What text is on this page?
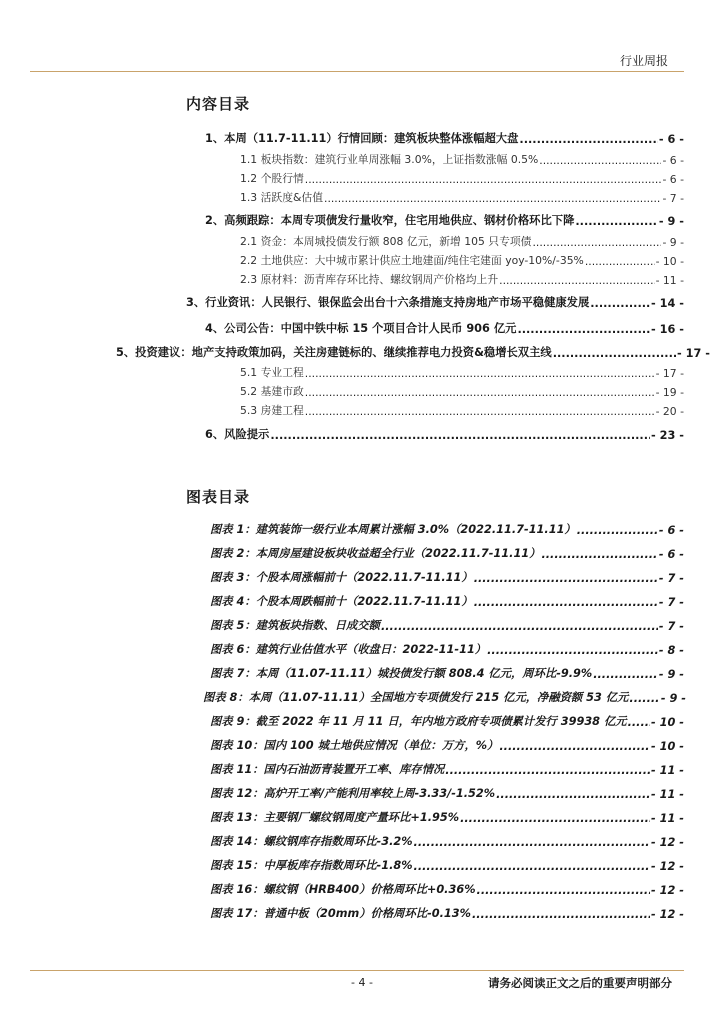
行业周报
内容目录
1、本周（11.7-11.11）行情回顾：建筑板块整体涨幅超大盘 .....	- 6 -
1.1 板块指数：建筑行业单周涨幅 3.0%，上证指数涨幅 0.5% .....	- 6 -
1.2 个股行情 .....	- 6 -
1.3 活跃度&估值 .....	- 7 -
2、高频跟踪：本周专项债发行量收窄，住宅用地供应、钢材价格环比下降 .....	- 9 -
2.1 资金：本周城投债发行额 808 亿元，新增 105 只专项债 .....	- 9 -
2.2 土地供应：大中城市累计供应土地建面/纯住宅建面 yoy-10%/-35% .....	- 10 -
2.3 原材料：沥青库存环比持、螺纹钢周产价格均上升 .....	- 11 -
3、行业资讯：人民银行、银保监会出台十六条措施支持房地产市场平稳健康发展 .....	- 14 -
4、公司公告：中国中铁中标 15 个项目合计人民币 906 亿元 .....	- 16 -
5、投资建议：地产支持政策加码，关注房建链标的、继续推荐电力投资&稳增长双主线 .....	- 17 -
5.1 专业工程 .....	- 17 -
5.2 基建市政 .....	- 19 -
5.3 房建工程 .....	- 20 -
6、风险提示 .....	- 23 -
图表目录
图表 1：建筑装饰一级行业本周累计涨幅 3.0%（2022.11.7-11.11） .....	- 6 -
图表 2：本周房屋建设板块收益超全行业（2022.11.7-11.11） .....	- 6 -
图表 3：个股本周涨幅前十（2022.11.7-11.11） .....	- 7 -
图表 4：个股本周跌幅前十（2022.11.7-11.11） .....	- 7 -
图表 5：建筑板块指数、日成交额 .....	- 7 -
图表 6：建筑行业估值水平（收盘日：2022-11-11） .....	- 8 -
图表 7：本周（11.07-11.11）城投债发行额 808.4 亿元，周环比-9.9% .....	- 9 -
图表 8：本周（11.07-11.11）全国地方专项债发行 215 亿元，净融资额 53 亿元 .....	- 9 -
图表 9：截至 2022 年 11 月 11 日，年内地方政府专项债累计发行 39938 亿元 ..... - 10 -
图表 10：国内 100 城土地供应情况（单位：万方，%） .....	- 10 -
图表 11：国内石油沥青装置开工率、库存情况 .....	- 11 -
图表 12：高炉开工率/产能利用率较上周-3.33/-1.52% .....	- 11 -
图表 13：主要钢厂螺纹钢周度产量环比+1.95% .....	- 11 -
图表 14：螺纹钢库存指数周环比-3.2% .....	- 12 -
图表 15：中厚板库存指数周环比-1.8% .....	- 12 -
图表 16：螺纹钢（HRB400）价格周环比+0.36% .....	- 12 -
图表 17：普通中板（20mm）价格周环比-0.13% .....	- 12 -
- 4 -	请务必阅读正文之后的重要声明部分
